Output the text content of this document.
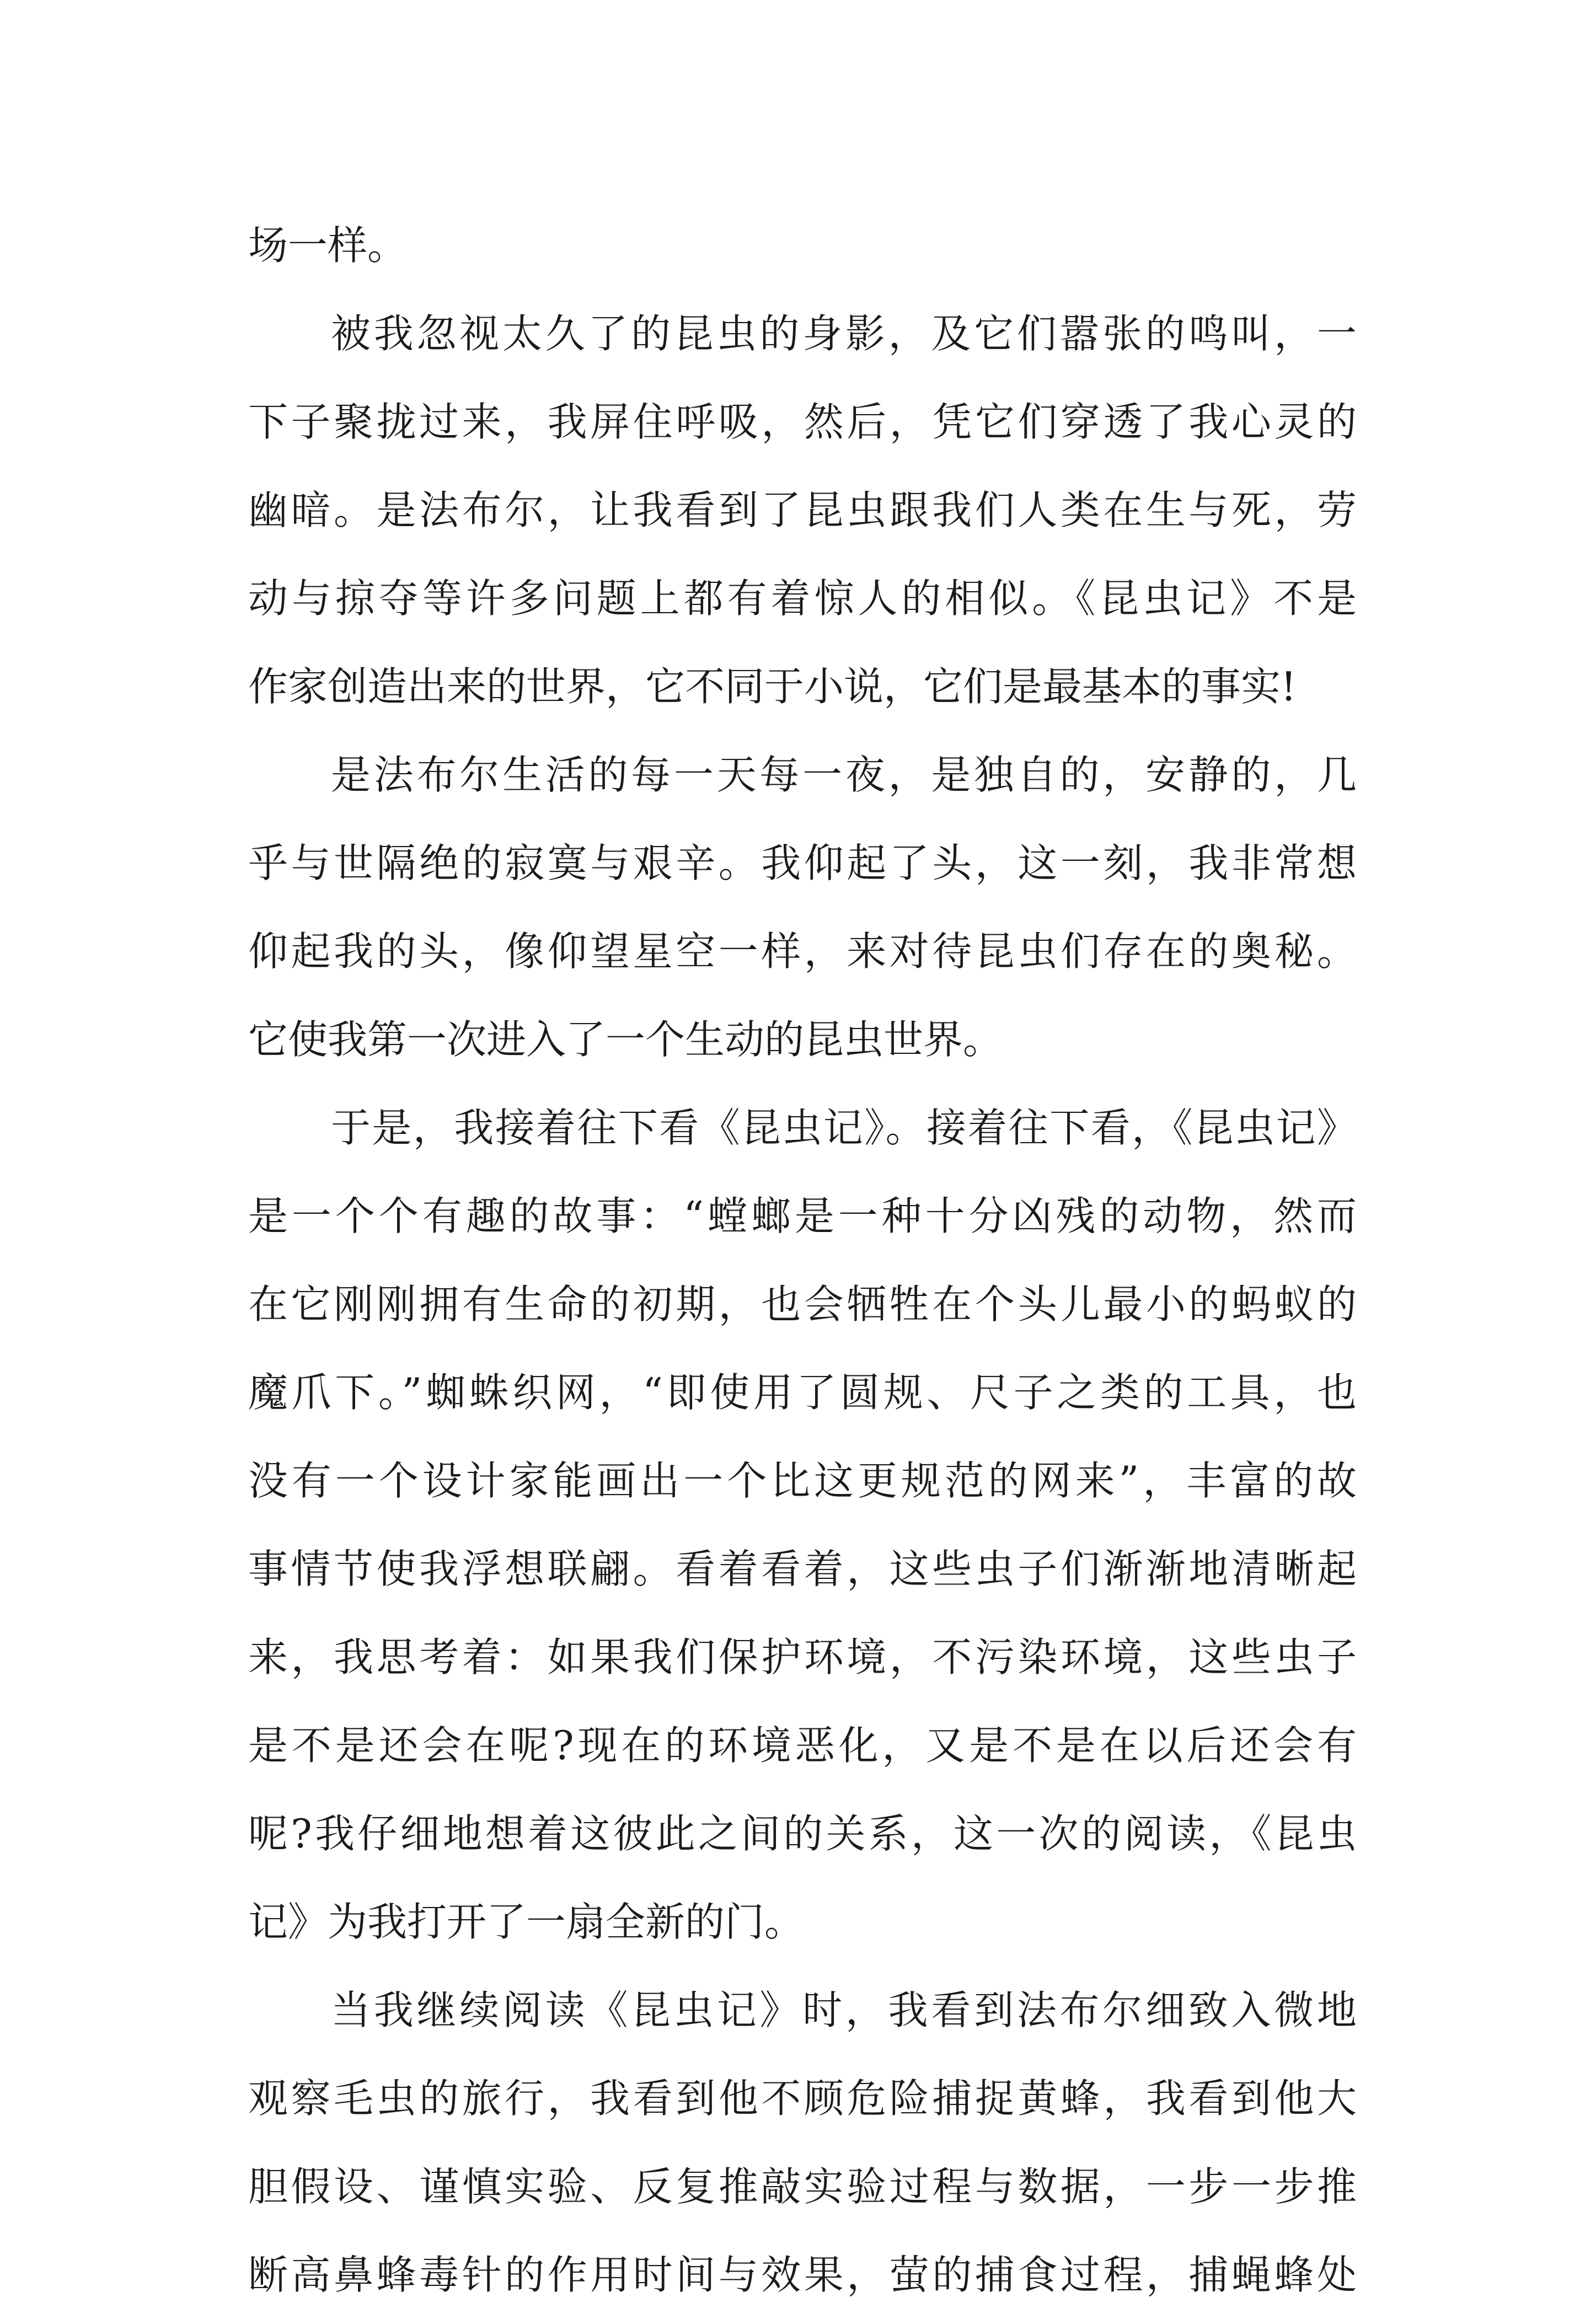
场一样。
被我忽视太久了的昆虫的身影，及它们嚣张的鸣叫，一
下子聚拢过来，我屏住呼吸，然后，凭它们穿透了我心灵的
幽暗。是法布尔，让我看到了昆虫跟我们人类在生与死，劳
动与掠夺等许多问题上都有着惊人的相似。《昆虫记》不是
作家创造出来的世界，它不同于小说，它们是最基本的事实!
是法布尔生活的每一天每一夜，是独自的，安静的，几
乎与世隔绝的寂寞与艰辛。我仰起了头，这一刻，我非常想
仰起我的头，像仰望星空一样，来对待昆虫们存在的奥秘。
它使我第一次进入了一个生动的昆虫世界。
于是，我接着往下看《昆虫记》。接着往下看，《昆虫记》
是一个个有趣的故事：“螳螂是一种十分凶残的动物，然而
在它刚刚拥有生命的初期，也会牺牲在个头儿最小的蚂蚁的
魔爪下。”蜘蛛织网，“即使用了圆规、尺子之类的工具，也
没有一个设计家能画出一个比这更规范的网来”，丰富的故
事情节使我浮想联翩。看着看着，这些虫子们渐渐地清晰起
来，我思考着：如果我们保护环境，不污染环境，这些虫子
是不是还会在呢?现在的环境恶化，又是不是在以后还会有
呢?我仔细地想着这彼此之间的关系，这一次的阅读，《昆虫
记》为我打开了一扇全新的门。
当我继续阅读《昆虫记》时，我看到法布尔细致入微地
观察毛虫的旅行，我看到他不顾危险捕捉黄蜂，我看到他大
胆假设、谨慎实验、反复推敲实验过程与数据，一步一步推
断高鼻蜂毒针的作用时间与效果，萤的捕食过程，捕蝇蜂处
